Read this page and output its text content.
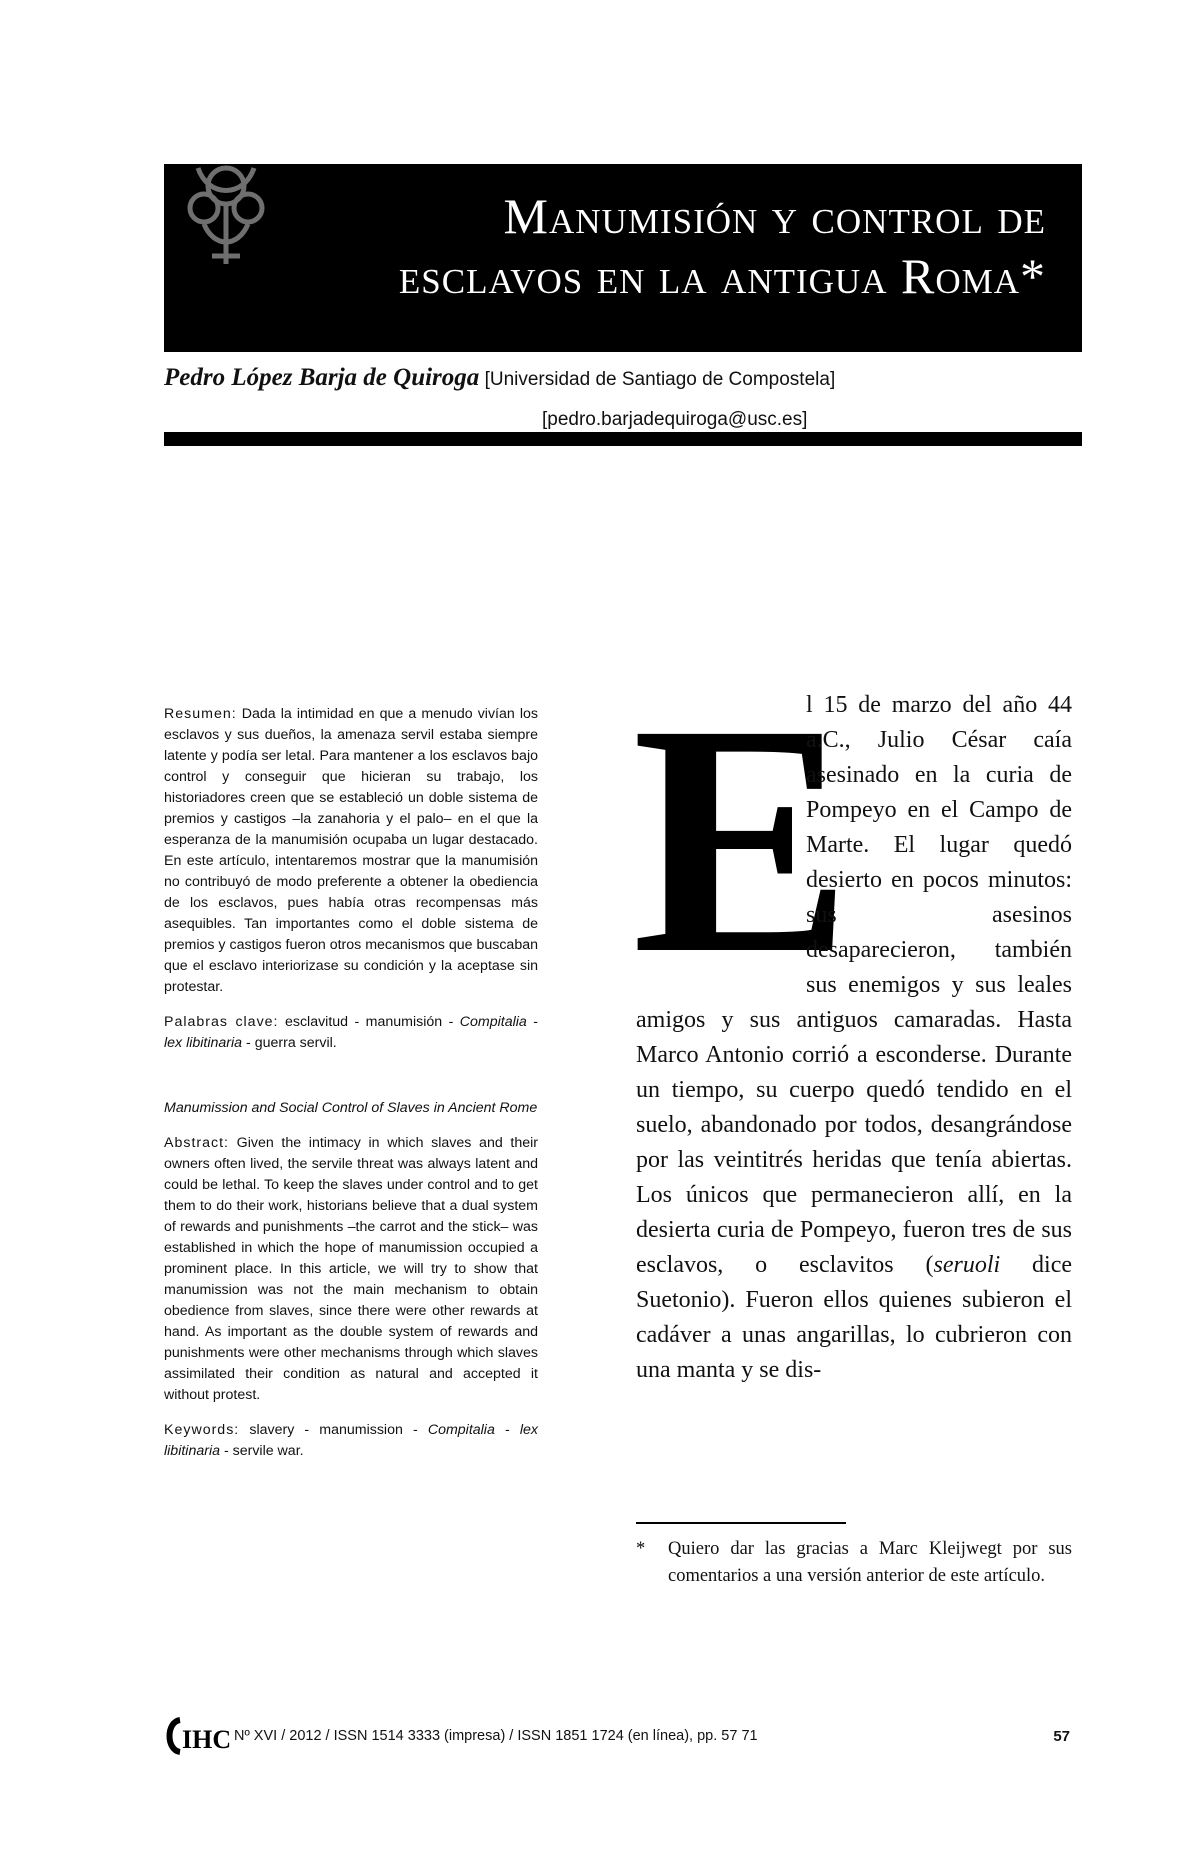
Manumisión y control de
esclavos en la antigua Roma*
Pedro López Barja de Quiroga [Universidad de Santiago de Compostela]
[pedro.barjadequiroga@usc.es]

Resumen: Dada la intimidad en que a menudo vivían los esclavos y sus dueños, la amenaza servil estaba siempre latente y podía ser letal. Para mantener a los esclavos bajo control y conseguir que hicieran su trabajo, los historiadores creen que se estableció un doble sistema de premios y castigos –la zanahoria y el palo– en el que la esperanza de la manumisión ocupaba un lugar destacado. En este artículo, intentaremos mostrar que la manumisión no contribuyó de modo preferente a obtener la obediencia de los esclavos, pues había otras recompensas más asequibles. Tan importantes como el doble sistema de premios y castigos fueron otros mecanismos que buscaban que el esclavo interiorizase su condición y la aceptase sin protestar.

Palabras clave: esclavitud - manumisión - Compitalia - lex libitinaria - guerra servil.

Manumission and Social Control of Slaves in Ancient Rome

Abstract: Given the intimacy in which slaves and their owners often lived, the servile threat was always latent and could be lethal. To keep the slaves under control and to get them to do their work, historians believe that a dual system of rewards and punishments –the carrot and the stick– was established in which the hope of manumission occupied a prominent place. In this article, we will try to show that manumission was not the main mechanism to obtain obedience from slaves, since there were other rewards at hand. As important as the double system of rewards and punishments were other mechanisms through which slaves assimilated their condition as natural and accepted it without protest.

Keywords: slavery - manumission - Compitalia - lex libitinaria - servile war.

E
l 15 de marzo del año 44 a.C., Julio César caía asesinado en la curia de Pompeyo en el Campo de Marte. El lugar quedó desierto en pocos minutos: sus asesinos desaparecieron, también sus enemigos y sus leales amigos y sus antiguos camaradas. Hasta Marco Antonio corrió a esconderse. Durante un tiempo, su cuerpo quedó tendido en el suelo, abandonado por todos, desangrándose por las veintitrés heridas que tenía abiertas. Los únicos que permanecieron allí, en la desierta curia de Pompeyo, fueron tres de sus esclavos, o esclavitos (seruoli dice Suetonio). Fueron ellos quienes subieron el cadáver a unas angarillas, lo cubrieron con una manta y se dis-
*	Quiero dar las gracias a Marc Kleijwegt por sus comentarios a una versión anterior de este artículo.
IHC Nº XVI / 2012 / ISSN 1514 3333 (impresa) / ISSN 1851 1724 (en línea), pp. 57 71	57
